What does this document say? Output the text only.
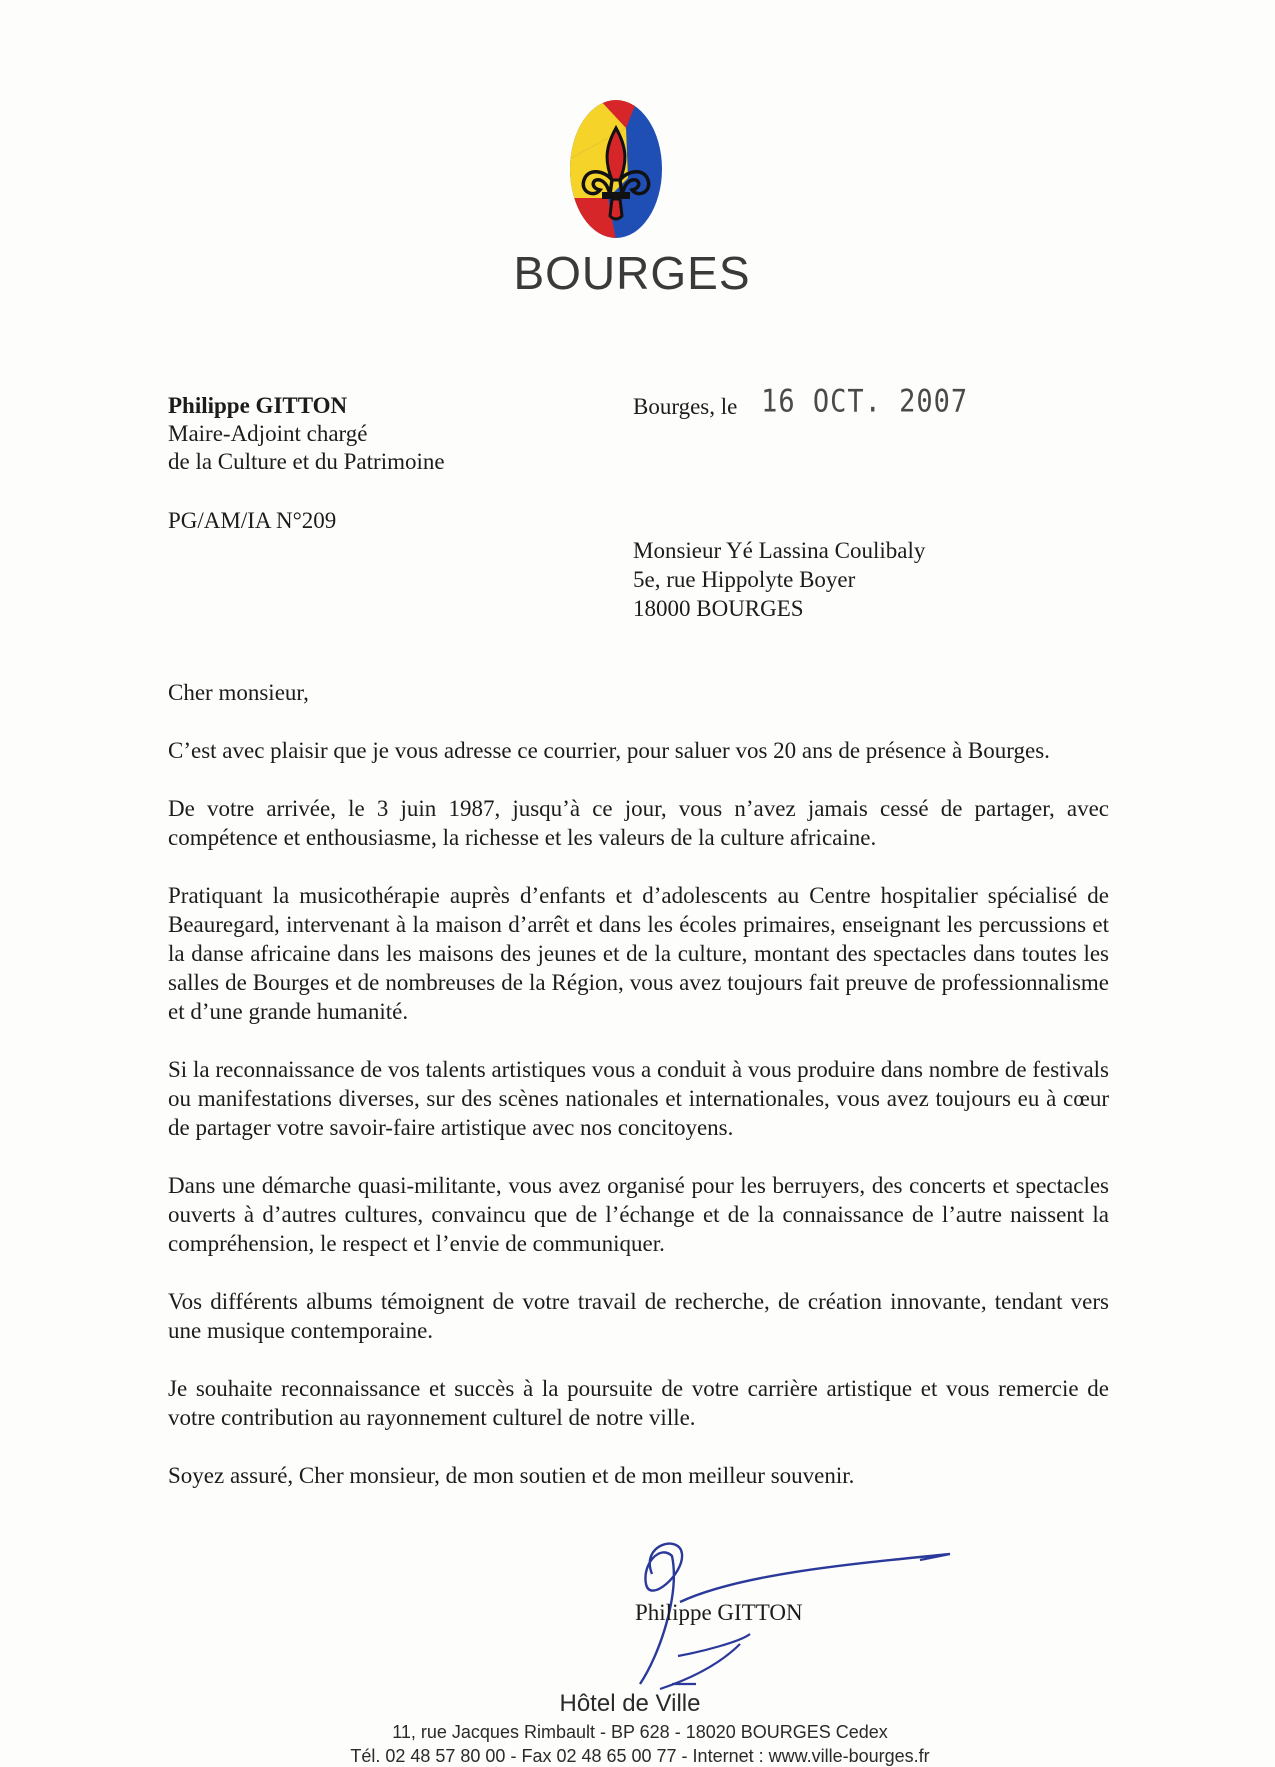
BOURGES
Philippe GITTON
Maire-Adjoint chargé
de la Culture et du Patrimoine
PG/AM/IA N°209
Bourges, le 16 OCT. 2007
Monsieur Yé Lassina Coulibaly
5e, rue Hippolyte Boyer
18000 BOURGES
Cher monsieur,

C’est avec plaisir que je vous adresse ce courrier, pour saluer vos 20 ans de présence à Bourges.

De votre arrivée, le 3 juin 1987, jusqu’à ce jour, vous n’avez jamais cessé de partager, avec compétence et enthousiasme, la richesse et les valeurs de la culture africaine.

Pratiquant la musicothérapie auprès d’enfants et d’adolescents au Centre hospitalier spécialisé de Beauregard, intervenant à la maison d’arrêt et dans les écoles primaires, enseignant les percussions et la danse africaine dans les maisons des jeunes et de la culture, montant des spectacles dans toutes les salles de Bourges et de nombreuses de la Région, vous avez toujours fait preuve de professionnalisme et d’une grande humanité.

Si la reconnaissance de vos talents artistiques vous a conduit à vous produire dans nombre de festivals ou manifestations diverses, sur des scènes nationales et internationales, vous avez toujours eu à cœur de partager votre savoir-faire artistique avec nos concitoyens.

Dans une démarche quasi-militante, vous avez organisé pour les berruyers, des concerts et spectacles ouverts à d’autres cultures, convaincu que de l’échange et de la connaissance de l’autre naissent la compréhension, le respect et l’envie de communiquer.

Vos différents albums témoignent de votre travail de recherche, de création innovante, tendant vers une musique contemporaine.

Je souhaite reconnaissance et succès à la poursuite de votre carrière artistique et vous remercie de votre contribution au rayonnement culturel de notre ville.

Soyez assuré, Cher monsieur, de mon soutien et de mon meilleur souvenir.

Philippe GITTON
Hôtel de Ville
11, rue Jacques Rimbault - BP 628 - 18020 BOURGES Cedex
Tél. 02 48 57 80 00 - Fax 02 48 65 00 77 - Internet : www.ville-bourges.fr
